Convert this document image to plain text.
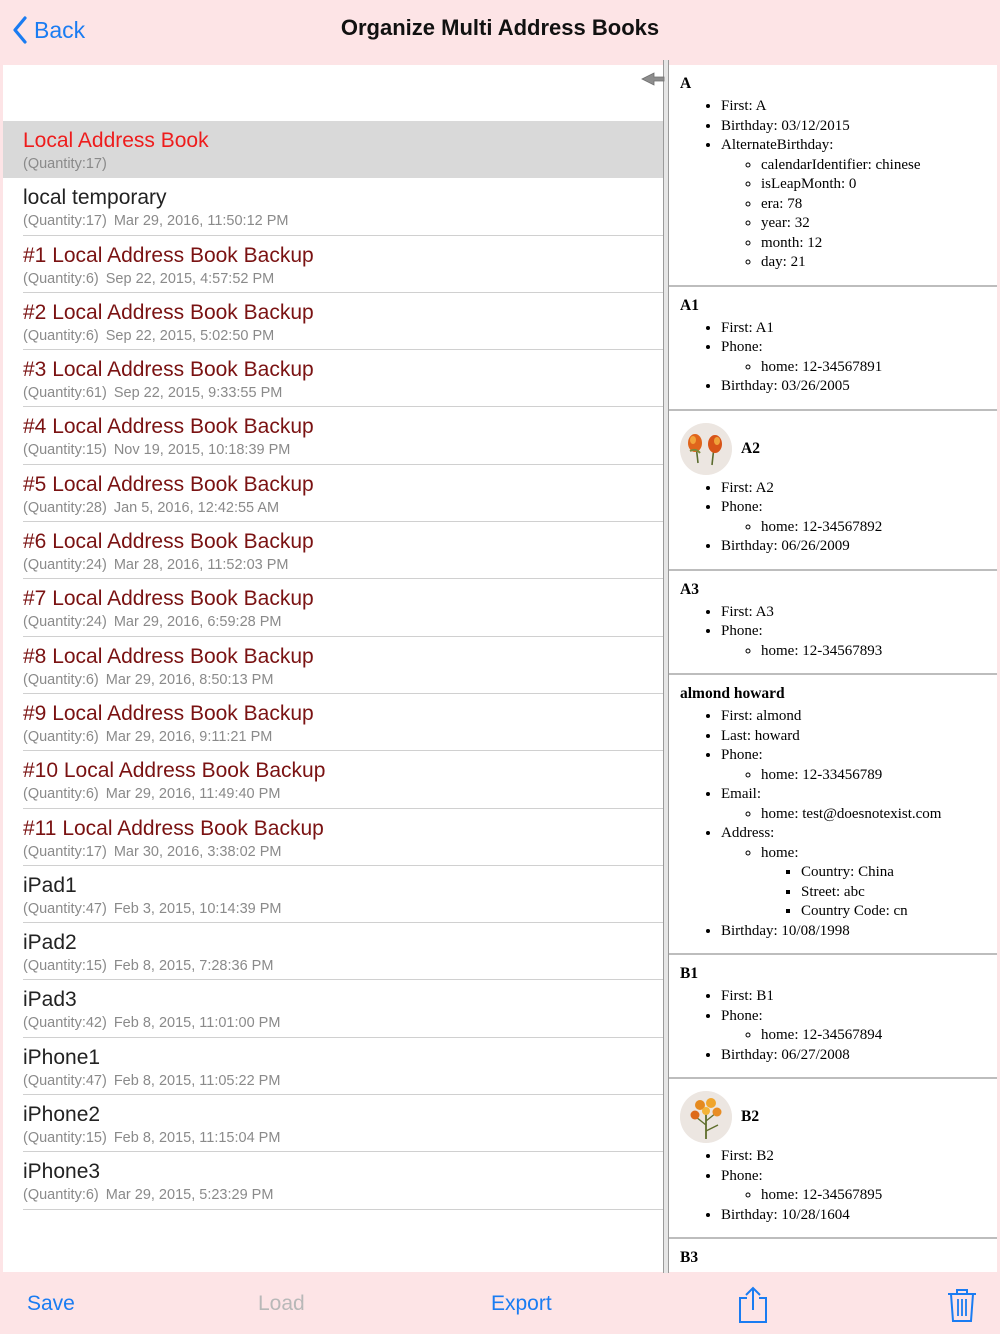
Back	Organize Multi Address Books
Local Address Book
(Quantity:17)
local temporary
(Quantity:17) Mar 29, 2016, 11:50:12 PM
#1 Local Address Book Backup
(Quantity:6) Sep 22, 2015, 4:57:52 PM
#2 Local Address Book Backup
(Quantity:6) Sep 22, 2015, 5:02:50 PM
#3 Local Address Book Backup
(Quantity:61) Sep 22, 2015, 9:33:55 PM
#4 Local Address Book Backup
(Quantity:15) Nov 19, 2015, 10:18:39 PM
#5 Local Address Book Backup
(Quantity:28) Jan 5, 2016, 12:42:55 AM
#6 Local Address Book Backup
(Quantity:24) Mar 28, 2016, 11:52:03 PM
#7 Local Address Book Backup
(Quantity:24) Mar 29, 2016, 6:59:28 PM
#8 Local Address Book Backup
(Quantity:6) Mar 29, 2016, 8:50:13 PM
#9 Local Address Book Backup
(Quantity:6) Mar 29, 2016, 9:11:21 PM
#10 Local Address Book Backup
(Quantity:6) Mar 29, 2016, 11:49:40 PM
#11 Local Address Book Backup
(Quantity:17) Mar 30, 2016, 3:38:02 PM
iPad1
(Quantity:47) Feb 3, 2015, 10:14:39 PM
iPad2
(Quantity:15) Feb 8, 2015, 7:28:36 PM
iPad3
(Quantity:42) Feb 8, 2015, 11:01:00 PM
iPhone1
(Quantity:47) Feb 8, 2015, 11:05:22 PM
iPhone2
(Quantity:15) Feb 8, 2015, 11:15:04 PM
iPhone3
(Quantity:6) Mar 29, 2015, 5:23:29 PM
A
• First: A
• Birthday: 03/12/2015
• AlternateBirthday:
◦ calendarIdentifier: chinese
◦ isLeapMonth: 0
◦ era: 78
◦ year: 32
◦ month: 12
◦ day: 21
A1
• First: A1
• Phone:
◦ home: 12-34567891
• Birthday: 03/26/2005
A2
• First: A2
• Phone:
◦ home: 12-34567892
• Birthday: 06/26/2009
A3
• First: A3
• Phone:
◦ home: 12-34567893
almond howard
• First: almond
• Last: howard
• Phone:
◦ home: 12-33456789
• Email:
◦ home: test@doesnotexist.com
• Address:
◦ home:
▪ Country: China
▪ Street: abc
▪ Country Code: cn
• Birthday: 10/08/1998
B1
• First: B1
• Phone:
◦ home: 12-34567894
• Birthday: 06/27/2008
B2
• First: B2
• Phone:
◦ home: 12-34567895
• Birthday: 10/28/1604
B3
Save	Load	Export
